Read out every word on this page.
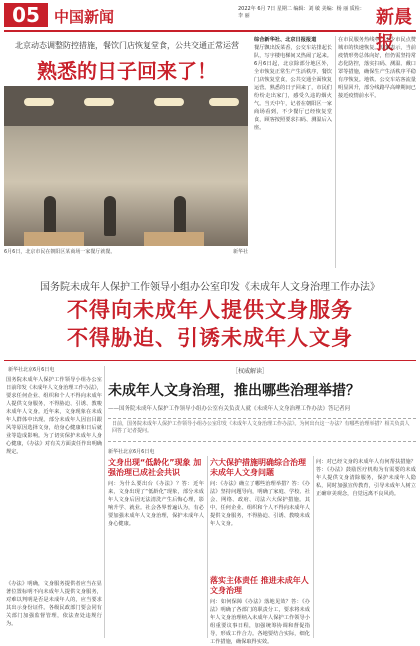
05 中国新闻	2022年 6月 7日 星期二 编辑：刘 敏 美编：杨 丽 质检：李 丽	新晨报
北京动态调整防控措施，餐饮门店恢复堂食，公共交通正常运营
熟悉的日子回来了！
6月6日，北京市民在朝阳区某商场一家餐厅就餐。	新华社
综合新华社、北京日报报道
餐厅飘出饭菜香，公交车站排起长队，写字楼电梯间又热闹了起来。6月6日起，北京除部分地区外，全市恢复正常生产生活秩序，餐饮门店恢复堂食，公共交通全面恢复运营。熟悉的日子回来了，市民们纷纷走出家门，感受久违的烟火气。当天中午，记者在朝阳区一家商场看到，不少餐厅已经恢复堂食，顾客按照要求扫码、测温后入座。
在市民服务热线中，不少市民点赞城市的快速恢复。专家表示，当前疫情形势总体向好，但仍需坚持常态化防控，落实扫码、测温、戴口罩等措施，确保生产生活秩序平稳有序恢复。地铁、公交车站客流量明显回升，部分线路早高峰期间已接近疫情前水平。
国务院未成年人保护工作领导小组办公室印发《未成年人文身治理工作办法》
不得向未成年人提供文身服务
不得胁迫、引诱未成年人文身
新华社北京6月6日电
国务院未成年人保护工作领导小组办公室日前印发《未成年人文身治理工作办法》，要求任何企业、组织和个人不得向未成年人提供文身服务，不得胁迫、引诱、教唆未成年人文身。近年来，文身现象在未成年人群体中出现。部分未成年人因盲目跟风等原因选择文身，给身心健康和日后就业等造成影响。为了切实保护未成年人身心健康，《办法》对有关方面责任作出明确规定。
《办法》明确，文身服务提供者应当在显著位置标明不向未成年人提供文身服务，对难以判明是否是未成年人的，应当要求其出示身份证件。各级民政部门要会同有关部门加强监督管理，依法查处违规行为。
［权威解读］
未成年人文身治理，推出哪些治理举措？
——国务院未成年人保护工作领导小组办公室有关负责人就《未成年人文身治理工作办法》答记者问
日前，国务院未成年人保护工作领导小组办公室印发《未成年人文身治理工作办法》。为何出台这一办法？有哪些治理举措？相关负责人回答了记者提问。
新华社北京6月6日电
文身出现“低龄化”现象 加强治理已成社会共识
问：为什么要出台《办法》？答：近年来，文身出现了“低龄化”现象，部分未成年人文身后因无法清洗产生后悔心理，影响升学、就业。社会各界普遍认为，有必要加强未成年人文身治理，保护未成年人身心健康。
六大保护措施明确综合治理未成年人文身问题
问：《办法》确立了哪些治理举措？答：《办法》坚持问题导向，明确了家庭、学校、社会、网络、政府、司法六大保护措施。其中，任何企业、组织和个人不得向未成年人提供文身服务，不得胁迫、引诱、教唆未成年人文身。
落实主体责任 推进未成年人文身治理
问：如何保障《办法》落地见效？答：《办法》明确了各部门的职责分工，要求将未成年人文身治理纳入未成年人保护工作领导小组重要议事日程，加强统筹协调和督促指导，形成工作合力。各地要结合实际，细化工作措施，确保取得实效。
问：对已经文身的未成年人有何帮扶措施？答：《办法》鼓励医疗机构为有需要的未成年人提供文身清除服务，保护未成年人隐私，同时加强宣传教育，引导未成年人树立正确审美观念，自觉远离不良风尚。
